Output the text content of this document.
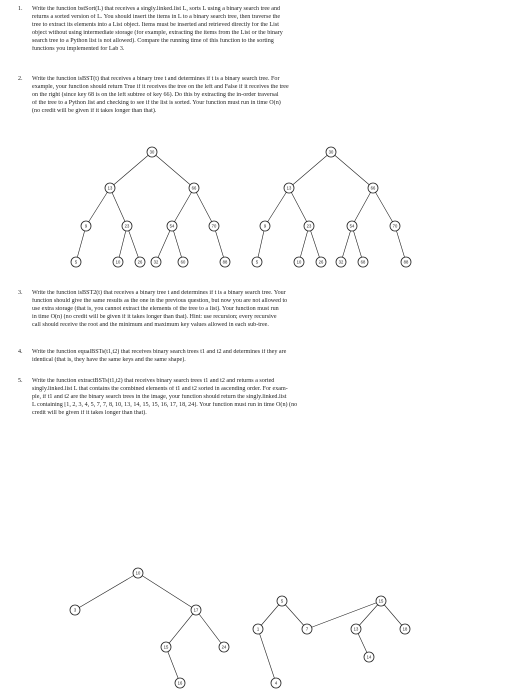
1. Write the function bstSort(L) that receives a singly.linked.list L, sorts L using a binary search tree and
returns a sorted version of L. You should insert the items in L to a binary search tree, then traverse the
tree to extract its elements into a List object. Items must be inserted and retrieved directly for the List
object without using intermediate storage (for example, extracting the items from the List or the binary
search tree to a Python list is not allowed). Compare the running time of this function to the sorting
functions you implemented for Lab 3.
2. Write the function isBST(t) that receives a binary tree t and determines if t is a binary search tree. For
example, your function should return True if it receives the tree on the left and False if it receives the tree
on the right (since key 68 is on the left subtree of key 66). Do this by extracting the in-order traversal
of the tree to a Python list and checking to see if the list is sorted. Your function must run in time O(n)
(no credit will be given if it takes longer than that).
3. Write the function isBST2(t) that receives a binary tree t and determines if t is a binary search tree. Your
function should give the same results as the one in the previous question, but now you are not allowed to
use extra storage (that is, you cannot extract the elements of the tree to a list). Your function must run
in time O(n) (no credit will be given if it takes longer than that). Hint: use recursion; every recursive
call should receive the root and the minimum and maximum key values allowed in each sub-tree.
4. Write the function equalBSTs(t1,t2) that receives binary search trees t1 and t2 and determines if they are
identical (that is, they have the same keys and the same shape).
5. Write the function extractBSTs(t1,t2) that receives binary search trees t1 and t2 and returns a sorted
singly.linked.list L that contains the combined elements of t1 and t2 sorted in ascending order. For exam-
ple, if t1 and t2 are the binary search trees in the image, your function should return the singly.linked.list
L containing [1, 2, 3, 4, 5, 7, 7, 8, 10, 13, 14, 15, 15, 16, 17, 18, 24]. Your function must run in time O(n) (no
credit will be given if it takes longer than that).
30
13	66
9	23	54	70
5	10	26	32	60	88
30
13	66
9	23	54	70
5	10	26	32	68	88
10
3	17
15	24
16
5
1	7
15
13	18
14
4
